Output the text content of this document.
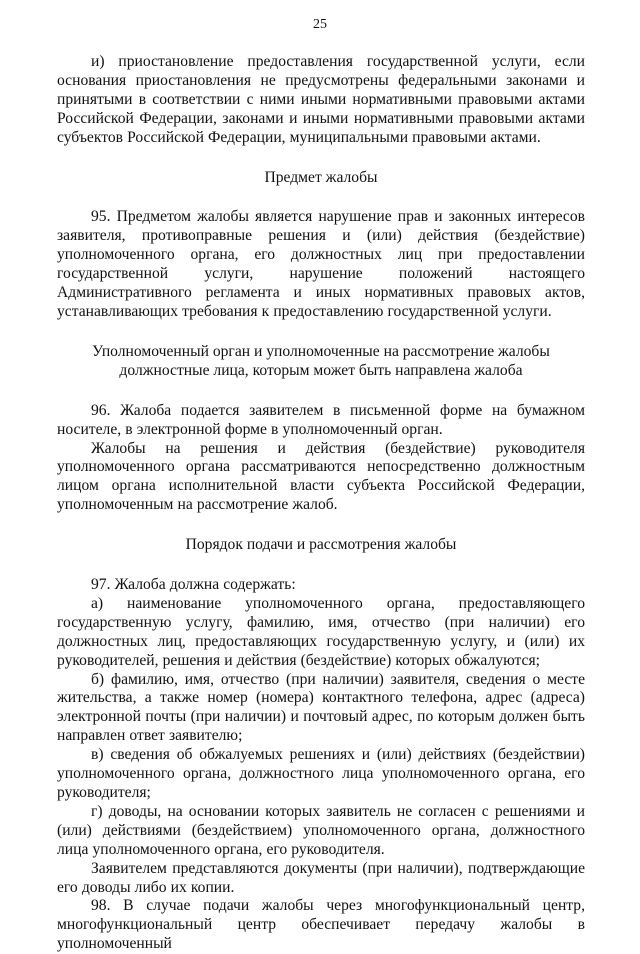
25

и) приостановление предоставления государственной услуги, если основания приостановления не предусмотрены федеральными законами и принятыми в соответствии с ними иными нормативными правовыми актами Российской Федерации, законами и иными нормативными правовыми актами субъектов Российской Федерации, муниципальными правовыми актами.

Предмет жалобы

95. Предметом жалобы является нарушение прав и законных интересов заявителя, противоправные решения и (или) действия (бездействие) уполномоченного органа, его должностных лиц при предоставлении государственной услуги, нарушение положений настоящего Административного регламента и иных нормативных правовых актов, устанавливающих требования к предоставлению государственной услуги.

Уполномоченный орган и уполномоченные на рассмотрение жалобы

должностные лица, которым может быть направлена жалоба

96. Жалоба подается заявителем в письменной форме на бумажном носителе, в электронной форме в уполномоченный орган.

Жалобы на решения и действия (бездействие) руководителя уполномоченного органа рассматриваются непосредственно должностным лицом органа исполнительной власти субъекта Российской Федерации, уполномоченным на рассмотрение жалоб.

Порядок подачи и рассмотрения жалобы

97. Жалоба должна содержать:

а) наименование уполномоченного органа, предоставляющего государственную услугу, фамилию, имя, отчество (при наличии) его должностных лиц, предоставляющих государственную услугу, и (или) их руководителей, решения и действия (бездействие) которых обжалуются;

б) фамилию, имя, отчество (при наличии) заявителя, сведения о месте жительства, а также номер (номера) контактного телефона, адрес (адреса) электронной почты (при наличии) и почтовый адрес, по которым должен быть направлен ответ заявителю;

в) сведения об обжалуемых решениях и (или) действиях (бездействии) уполномоченного органа, должностного лица уполномоченного органа, его руководителя;

г) доводы, на основании которых заявитель не согласен с решениями и (или) действиями (бездействием) уполномоченного органа, должностного лица уполномоченного органа, его руководителя.

Заявителем представляются документы (при наличии), подтверждающие его доводы либо их копии.

98. В случае подачи жалобы через многофункциональный центр, многофункциональный центр обеспечивает передачу жалобы в уполномоченный
